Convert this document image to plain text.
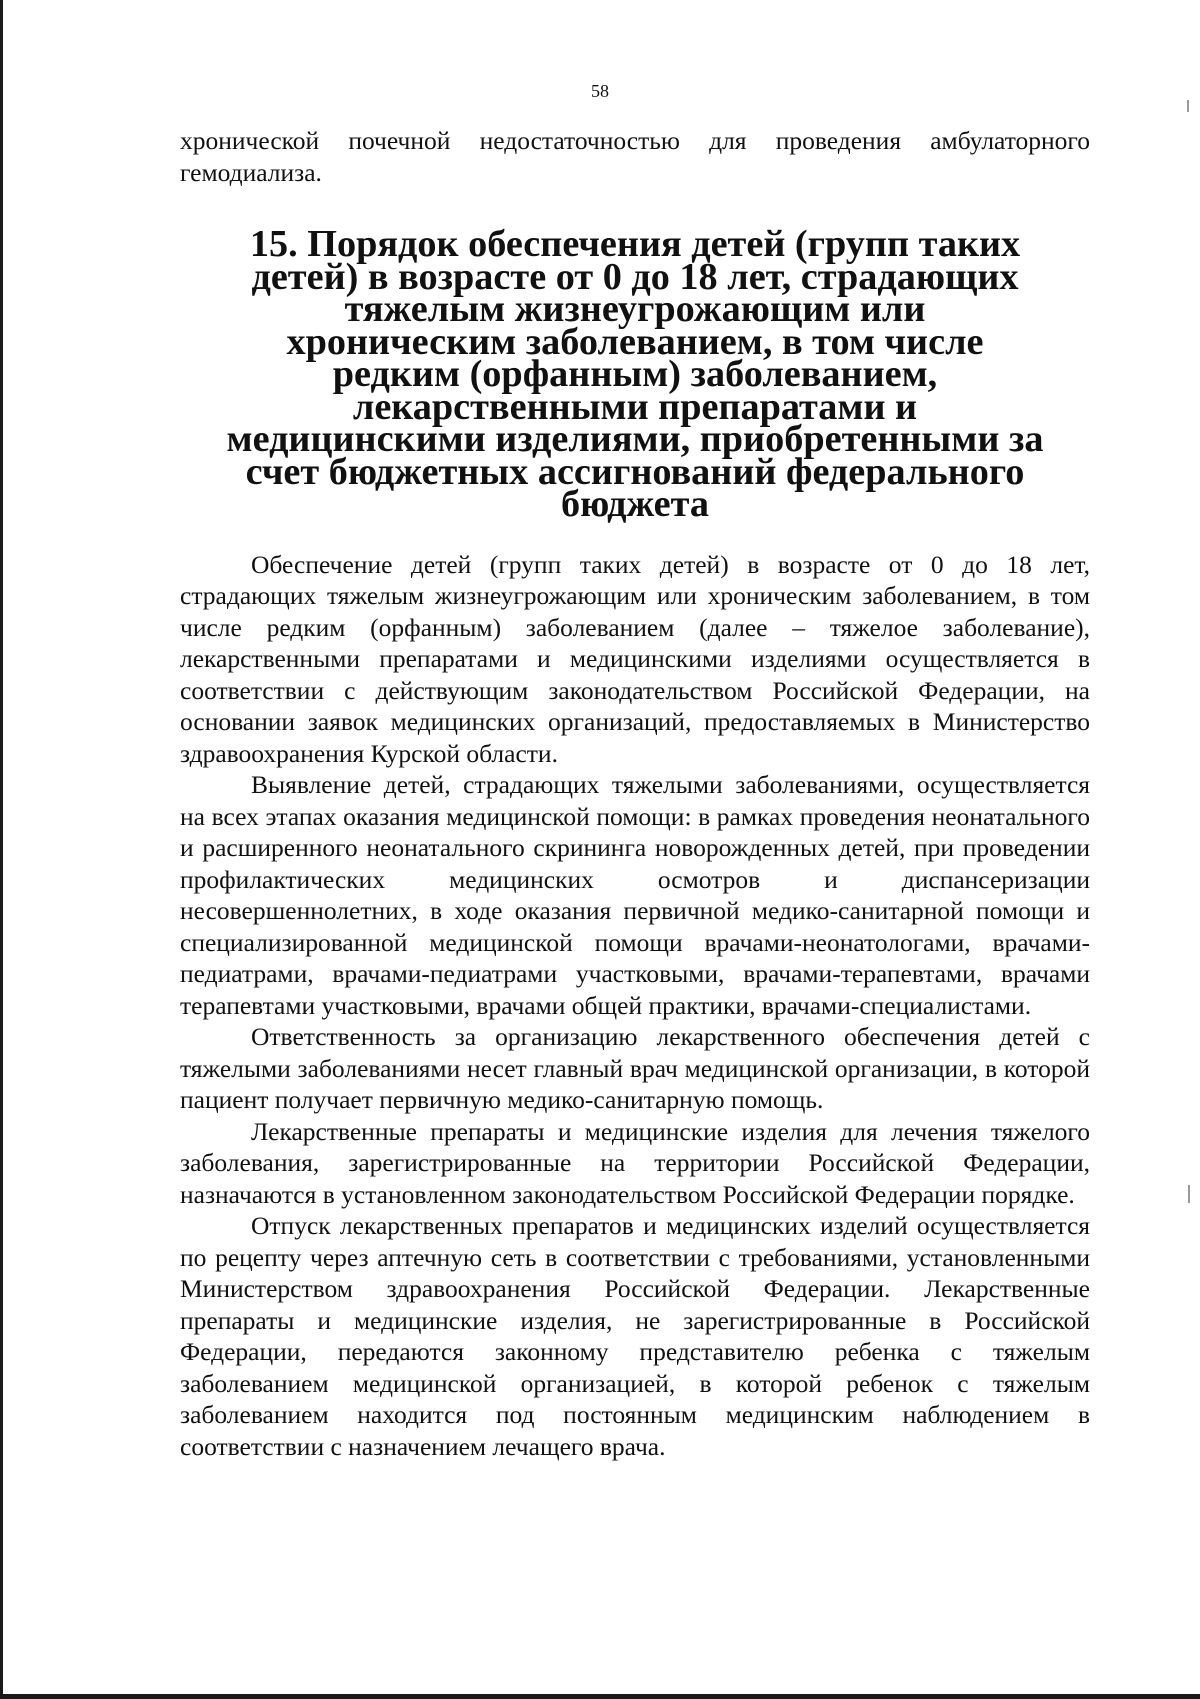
58

хронической почечной недостаточностью для проведения амбулаторного гемодиализа.

15. Порядок обеспечения детей (групп таких детей) в возрасте от 0 до 18 лет, страдающих тяжелым жизнеугрожающим или хроническим заболеванием, в том числе редким (орфанным) заболеванием, лекарственными препаратами и медицинскими изделиями, приобретенными за счет бюджетных ассигнований федерального бюджета

Обеспечение детей (групп таких детей) в возрасте от 0 до 18 лет, страдающих тяжелым жизнеугрожающим или хроническим заболеванием, в том числе редким (орфанным) заболеванием (далее – тяжелое заболевание), лекарственными препаратами и медицинскими изделиями осуществляется в соответствии с действующим законодательством Российской Федерации, на основании заявок медицинских организаций, предоставляемых в Министерство здравоохранения Курской области.

Выявление детей, страдающих тяжелыми заболеваниями, осуществляется на всех этапах оказания медицинской помощи: в рамках проведения неонатального и расширенного неонатального скрининга новорожденных детей, при проведении профилактических медицинских осмотров и диспансеризации несовершеннолетних, в ходе оказания первичной медико-санитарной помощи и специализированной медицинской помощи врачами-неонатологами, врачами-педиатрами, врачами-педиатрами участковыми, врачами-терапевтами, врачами терапевтами участковыми, врачами общей практики, врачами-специалистами.

Ответственность за организацию лекарственного обеспечения детей с тяжелыми заболеваниями несет главный врач медицинской организации, в которой пациент получает первичную медико-санитарную помощь.

Лекарственные препараты и медицинские изделия для лечения тяжелого заболевания, зарегистрированные на территории Российской Федерации, назначаются в установленном законодательством Российской Федерации порядке.

Отпуск лекарственных препаратов и медицинских изделий осуществляется по рецепту через аптечную сеть в соответствии с требованиями, установленными Министерством здравоохранения Российской Федерации. Лекарственные препараты и медицинские изделия, не зарегистрированные в Российской Федерации, передаются законному представителю ребенка с тяжелым заболеванием медицинской организацией, в которой ребенок с тяжелым заболеванием находится под постоянным медицинским наблюдением в соответствии с назначением лечащего врача.
